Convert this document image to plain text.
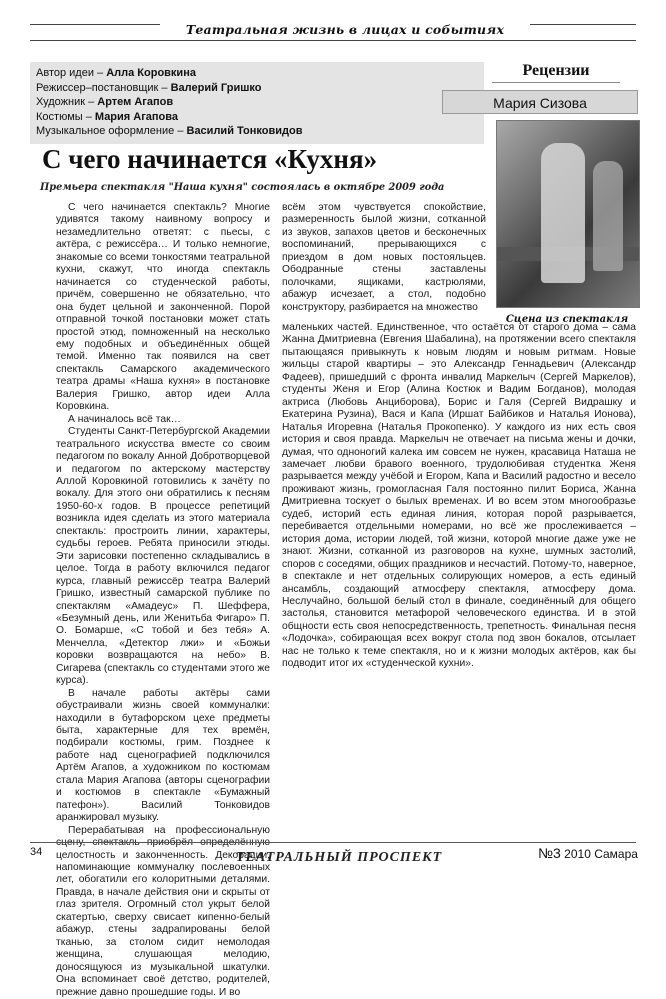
Театральная жизнь в лицах и событиях
Автор идеи – Алла Коровкина
Режиссер–постановщик – Валерий Гришко
Художник – Артем Агапов
Костюмы – Мария Агапова
Музыкальное оформление – Василий Тонковидов
Рецензии
Мария Сизова
С чего начинается «Кухня»
Премьера спектакля "Наша кухня" состоялась в октябре 2009 года
Сцена из спектакля

С чего начинается спектакль? Многие удивятся такому наивному вопросу и незамедлительно ответят: с пьесы, с актёра, с режиссёра… И только немногие, знакомые со всеми тонкостями театральной кухни, скажут, что иногда спектакль начинается со студенческой работы, причём, совершенно не обязательно, что она будет цельной и законченной. Порой отправной точкой постановки может стать простой этюд, помноженный на несколько ему подобных и объединённых общей темой. Именно так появился на свет спектакль Самарского академического театра драмы «Наша кухня» в постановке Валерия Гришко, автор идеи Алла Коровкина.

А начиналось всё так…

Студенты Санкт-Петербургской Академии театрального искусства вместе со своим педагогом по вокалу Анной Добротворцевой и педагогом по актерскому мастерству Аллой Коровкиной готовились к зачёту по вокалу. Для этого они обратились к песням 1950-60-х годов. В процессе репетиций возникла идея сделать из этого материала спектакль: прострoить линии, характеры, судьбы героев. Ребята приносили этюды. Эти зарисовки постепенно складывались в целое. Тогда в работу включился педагог курса, главный режиссёр театра Валерий Гришко, известный самарской публике по спектаклям «Амадеус» П. Шеффера, «Безумный день, или Женитьба Фигаро» П. О. Бомарше, «С тобой и без тебя» А. Менчелла, «Детектор лжи» и «Божьи коровки возвращаются на небо» В. Сигарева (спектакль со студентами этого же курса).

В начале работы актёры сами обустраивали жизнь своей коммуналки: находили в бутафорском цехе предметы быта, характерные для тех времён, подбирали костюмы, грим. Позднее к работе над сценографией подключился Артём Агапов, а художником по костюмам стала Мария Агапова (авторы сценографии и костюмов в спектакле «Бумажный патефон»). Василий Тонковидов аранжировал музыку.

Перерабатывая на профессиональную сцену, спектакль приобрёл определённую целостность и законченность. Декорации, напоминающие коммуналку послевоенных лет, обогатили его колоритными деталями. Правда, в начале действия они и скрыты от глаз зрителя. Огромный стол укрыт белой скатертью, сверху свисает кипенно-белый абажур, стены задрапированы белой тканью, за столом сидит немолодая женщина, слушающая мелодию, доносящуюся из музыкальной шкатулки. Она вспоминает своё детство, родителей, прежние давно прошедшие годы. И во

всём этом чувствуется спокойствие, размеренность былой жизни, сотканной из звуков, запахов цветов и бесконечных воспоминаний, прерывающихся с приездом в дом новых постояльцев. Ободранные стены заставлены полочками, ящиками, кастрюлями, абажур исчезает, а стол, подобно конструктору, разбирается на множество

маленьких частей. Единственное, что остаётся от старого дома – сама Жанна Дмитриевна (Евгения Шабалина), на протяжении всего спектакля пытающаяся привыкнуть к новым людям и новым ритмам. Новые жильцы старой квартиры – это Александр Геннадьевич (Александр Фадеев), пришедший с фронта инвалид Маркелыч (Сергей Маркелов), студенты Женя и Егор (Алина Костюк и Вадим Богданов), молодая актриса (Любовь Анциборова), Борис и Галя (Сергей Видрашку и Екатерина Рузина), Вася и Капа (Иршат Байбиков и Наталья Ионова), Наталья Игоревна (Наталья Прокопенко). У каждого из них есть своя история и своя правда. Маркелыч не отвечает на письма жены и дочки, думая, что одноногий калека им совсем не нужен, красавица Наташа не замечает любви бравого военного, трудолюбивая студентка Женя разрывается между учёбой и Егором, Капа и Василий радостно и весело проживают жизнь, громогласная Галя постоянно пилит Бориса, Жанна Дмитриевна тоскует о былых временах. И во всем этом многообразье судеб, историй есть единая линия, которая порой разрывается, перебивается отдельными номерами, но всё же прослеживается – история дома, истории людей, той жизни, которой многие даже уже не знают. Жизни, сотканной из разговоров на кухне, шумных застолий, споров с соседями, общих праздников и несчастий. Потому-то, наверное, в спектакле и нет отдельных солирующих номеров, а есть единый ансамбль, создающий атмосферу спектакля, атмосферу дома. Неслучайно, большой белый стол в финале, соединённый для общего застолья, становится метафорой человеческого единства. И в этой общности есть своя непосредственность, трепетность. Финальная песня «Лодочка», собирающая всех вокруг стола под звон бокалов, отсылает нас не только к теме спектакля, но и к жизни молодых актёров, как бы подводит итог их «студенческой кухни».

34	ТЕАТРАЛЬНЫЙ ПРОСПЕКТ	№3 2010 Самара
